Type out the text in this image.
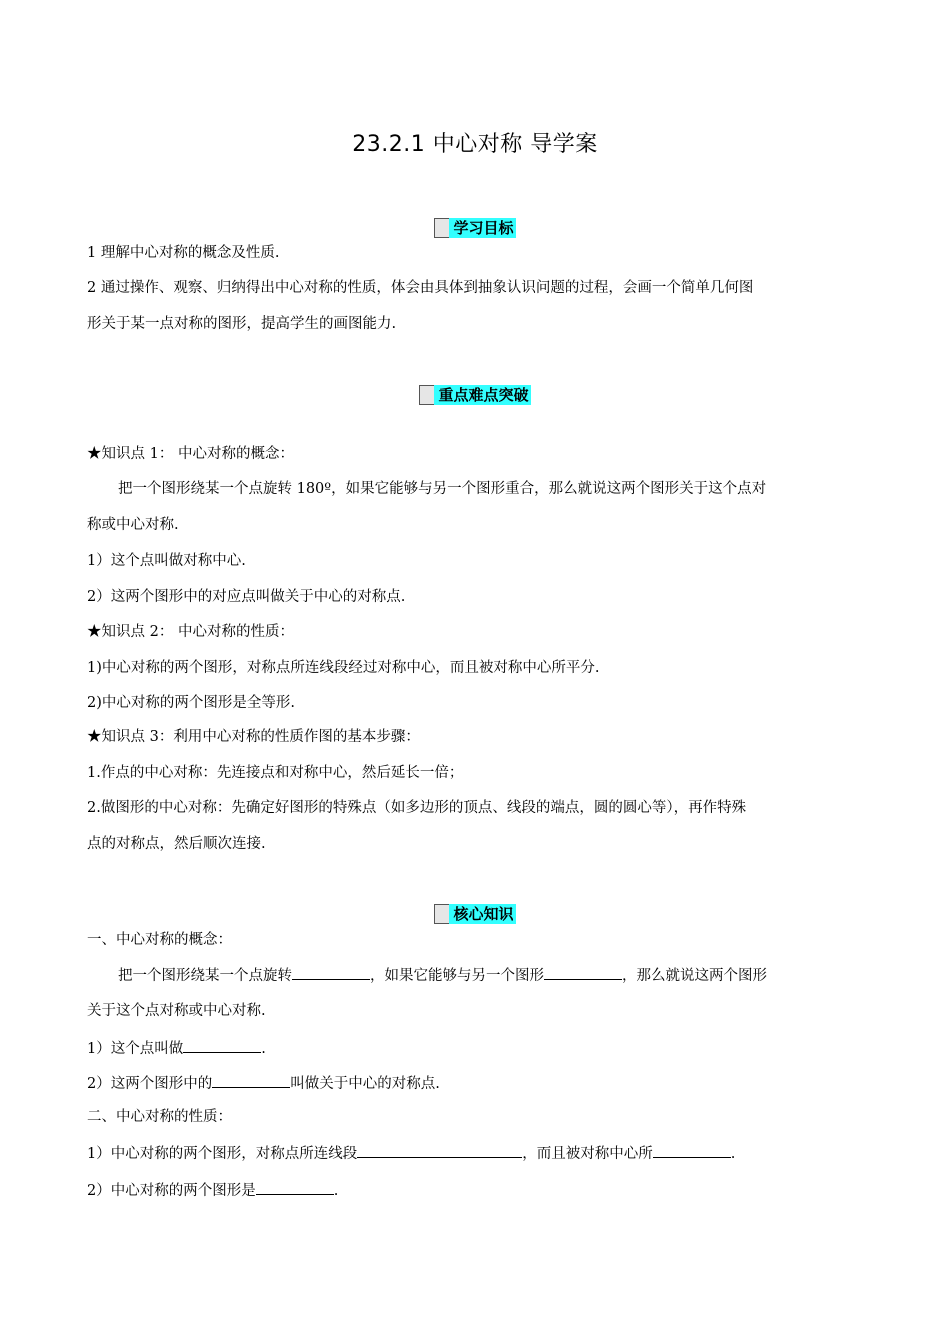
23.2.1 中心对称 导学案
学习目标
1 理解中心对称的概念及性质.
2 通过操作、观察、归纳得出中心对称的性质，体会由具体到抽象认识问题的过程，会画一个简单几何图
形关于某一点对称的图形，提高学生的画图能力.
重点难点突破
★知识点 1： 中心对称的概念：
把一个图形绕某一个点旋转 180º，如果它能够与另一个图形重合，那么就说这两个图形关于这个点对
称或中心对称.
1）这个点叫做对称中心.
2）这两个图形中的对应点叫做关于中心的对称点.
★知识点 2： 中心对称的性质：
1)中心对称的两个图形，对称点所连线段经过对称中心，而且被对称中心所平分.
2)中心对称的两个图形是全等形.
★知识点 3：利用中心对称的性质作图的基本步骤：
1.作点的中心对称：先连接点和对称中心，然后延长一倍；
2.做图形的中心对称：先确定好图形的特殊点（如多边形的顶点、线段的端点，圆的圆心等），再作特殊
点的对称点，然后顺次连接.
核心知识
一、中心对称的概念：
把一个图形绕某一个点旋转	，如果它能够与另一个图形	，那么就说这两个图形
关于这个点对称或中心对称.
1）这个点叫做	.
2）这两个图形中的	叫做关于中心的对称点.
二、中心对称的性质：
1）中心对称的两个图形，对称点所连线段	，而且被对称中心所	.
2）中心对称的两个图形是	.
